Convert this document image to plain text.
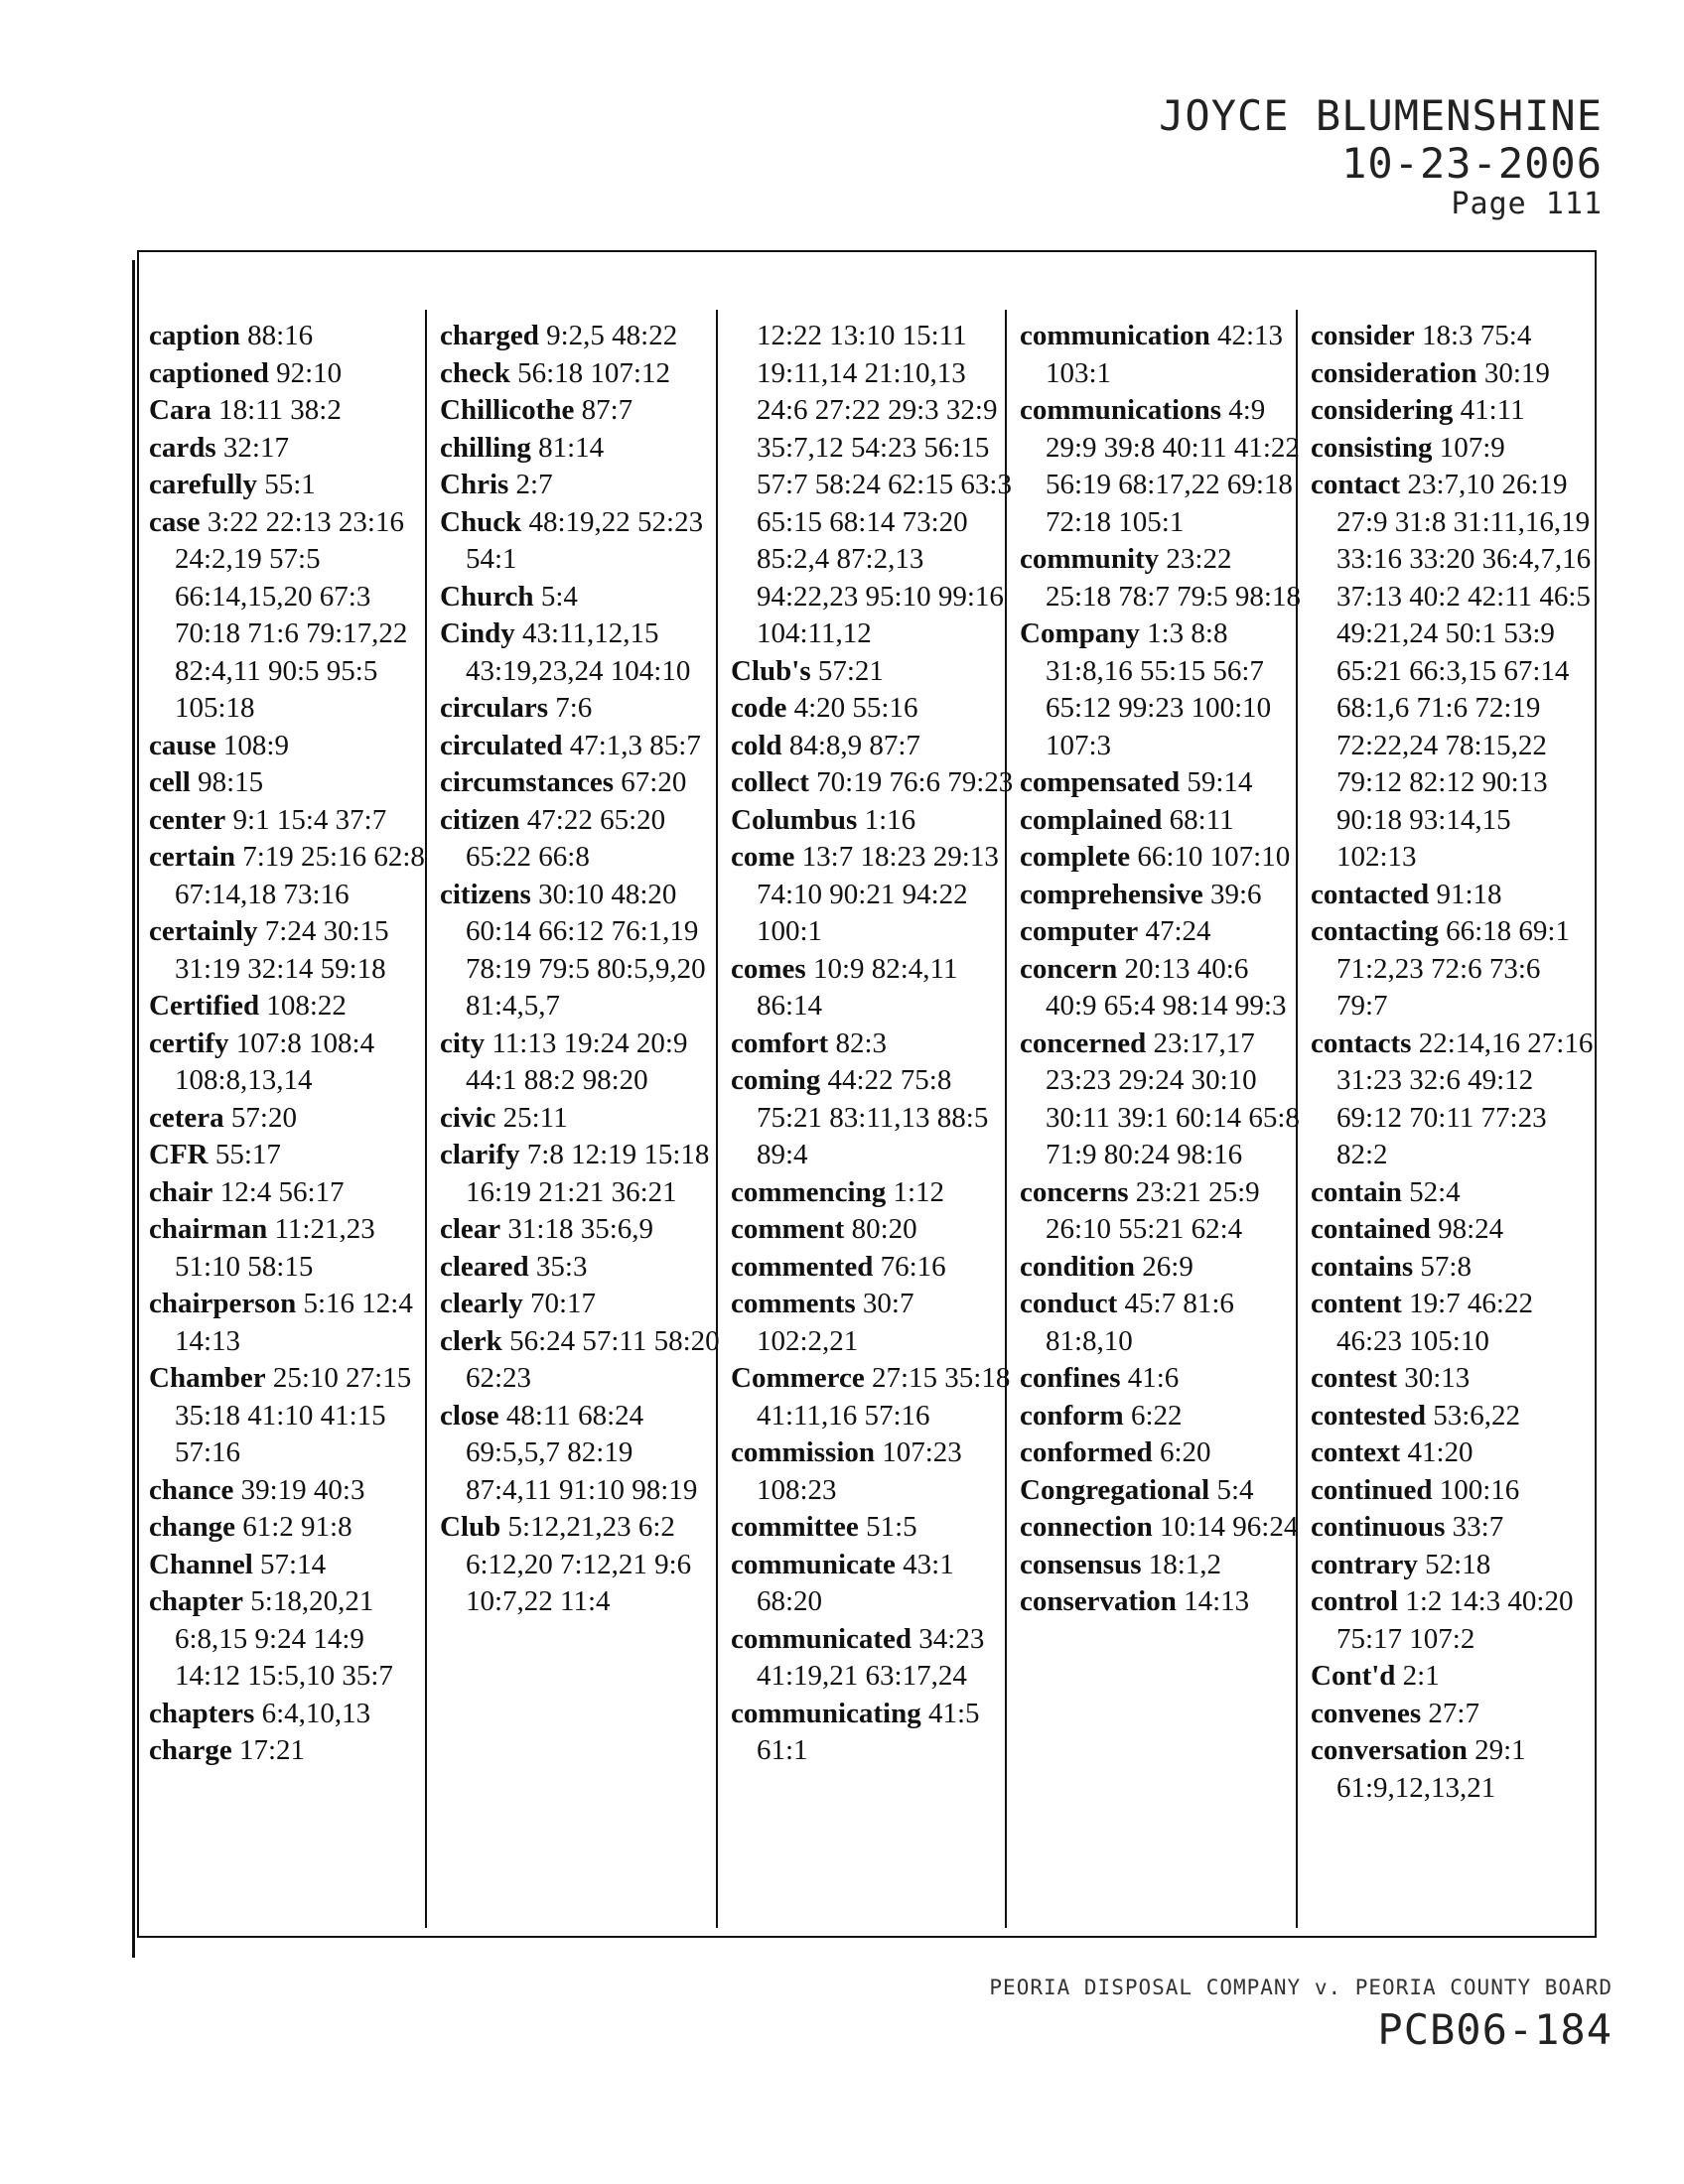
JOYCE BLUMENSHINE
10-23-2006
Page 111
caption 88:16
captioned 92:10
Cara 18:11 38:2
cards 32:17
carefully 55:1
case 3:22 22:13 23:16 24:2,19 57:5 66:14,15,20 67:3 70:18 71:6 79:17,22 82:4,11 90:5 95:5 105:18
cause 108:9
cell 98:15
center 9:1 15:4 37:7
certain 7:19 25:16 62:8 67:14,18 73:16
certainly 7:24 30:15 31:19 32:14 59:18
Certified 108:22
certify 107:8 108:4 108:8,13,14
cetera 57:20
CFR 55:17
chair 12:4 56:17
chairman 11:21,23 51:10 58:15
chairperson 5:16 12:4 14:13
Chamber 25:10 27:15 35:18 41:10 41:15 57:16
chance 39:19 40:3
change 61:2 91:8
Channel 57:14
chapter 5:18,20,21 6:8,15 9:24 14:9 14:12 15:5,10 35:7
chapters 6:4,10,13
charge 17:21
charged 9:2,5 48:22
check 56:18 107:12
Chillicothe 87:7
chilling 81:14
Chris 2:7
Chuck 48:19,22 52:23 54:1
Church 5:4
Cindy 43:11,12,15 43:19,23,24 104:10
circulars 7:6
circulated 47:1,3 85:7
circumstances 67:20
citizen 47:22 65:20 65:22 66:8
citizens 30:10 48:20 60:14 66:12 76:1,19 78:19 79:5 80:5,9,20 81:4,5,7
city 11:13 19:24 20:9 44:1 88:2 98:20
civic 25:11
clarify 7:8 12:19 15:18 16:19 21:21 36:21
clear 31:18 35:6,9
cleared 35:3
clearly 70:17
clerk 56:24 57:11 58:20 62:23
close 48:11 68:24 69:5,5,7 82:19 87:4,11 91:10 98:19
Club 5:12,21,23 6:2 6:12,20 7:12,21 9:6 10:7,22 11:4
12:22 13:10 15:11 19:11,14 21:10,13 24:6 27:22 29:3 32:9 35:7,12 54:23 56:15 57:7 58:24 62:15 63:3 65:15 68:14 73:20 85:2,4 87:2,13 94:22,23 95:10 99:16 104:11,12
Club's 57:21
code 4:20 55:16
cold 84:8,9 87:7
collect 70:19 76:6 79:23
Columbus 1:16
come 13:7 18:23 29:13 74:10 90:21 94:22 100:1
comes 10:9 82:4,11 86:14
comfort 82:3
coming 44:22 75:8 75:21 83:11,13 88:5 89:4
commencing 1:12
comment 80:20
commented 76:16
comments 30:7 102:2,21
Commerce 27:15 35:18 41:11,16 57:16
commission 107:23 108:23
committee 51:5
communicate 43:1 68:20
communicated 34:23 41:19,21 63:17,24
communicating 41:5 61:1
communication 42:13 103:1
communications 4:9 29:9 39:8 40:11 41:22 56:19 68:17,22 69:18 72:18 105:1
community 23:22 25:18 78:7 79:5 98:18
Company 1:3 8:8 31:8,16 55:15 56:7 65:12 99:23 100:10 107:3
compensated 59:14
complained 68:11
complete 66:10 107:10
comprehensive 39:6
computer 47:24
concern 20:13 40:6 40:9 65:4 98:14 99:3
concerned 23:17,17 23:23 29:24 30:10 30:11 39:1 60:14 65:8 71:9 80:24 98:16
concerns 23:21 25:9 26:10 55:21 62:4
condition 26:9
conduct 45:7 81:6 81:8,10
confines 41:6
conform 6:22
conformed 6:20
Congregational 5:4
connection 10:14 96:24
consensus 18:1,2
conservation 14:13
consider 18:3 75:4
consideration 30:19
considering 41:11
consisting 107:9
contact 23:7,10 26:19 27:9 31:8 31:11,16,19 33:16 33:20 36:4,7,16 37:13 40:2 42:11 46:5 49:21,24 50:1 53:9 65:21 66:3,15 67:14 68:1,6 71:6 72:19 72:22,24 78:15,22 79:12 82:12 90:13 90:18 93:14,15 102:13
contacted 91:18
contacting 66:18 69:1 71:2,23 72:6 73:6 79:7
contacts 22:14,16 27:16 31:23 32:6 49:12 69:12 70:11 77:23 82:2
contain 52:4
contained 98:24
contains 57:8
content 19:7 46:22 46:23 105:10
contest 30:13
contested 53:6,22
context 41:20
continued 100:16
continuous 33:7
contrary 52:18
control 1:2 14:3 40:20 75:17 107:2
Cont'd 2:1
convenes 27:7
conversation 29:1 61:9,12,13,21
PEORIA DISPOSAL COMPANY v. PEORIA COUNTY BOARD
PCB06-184
